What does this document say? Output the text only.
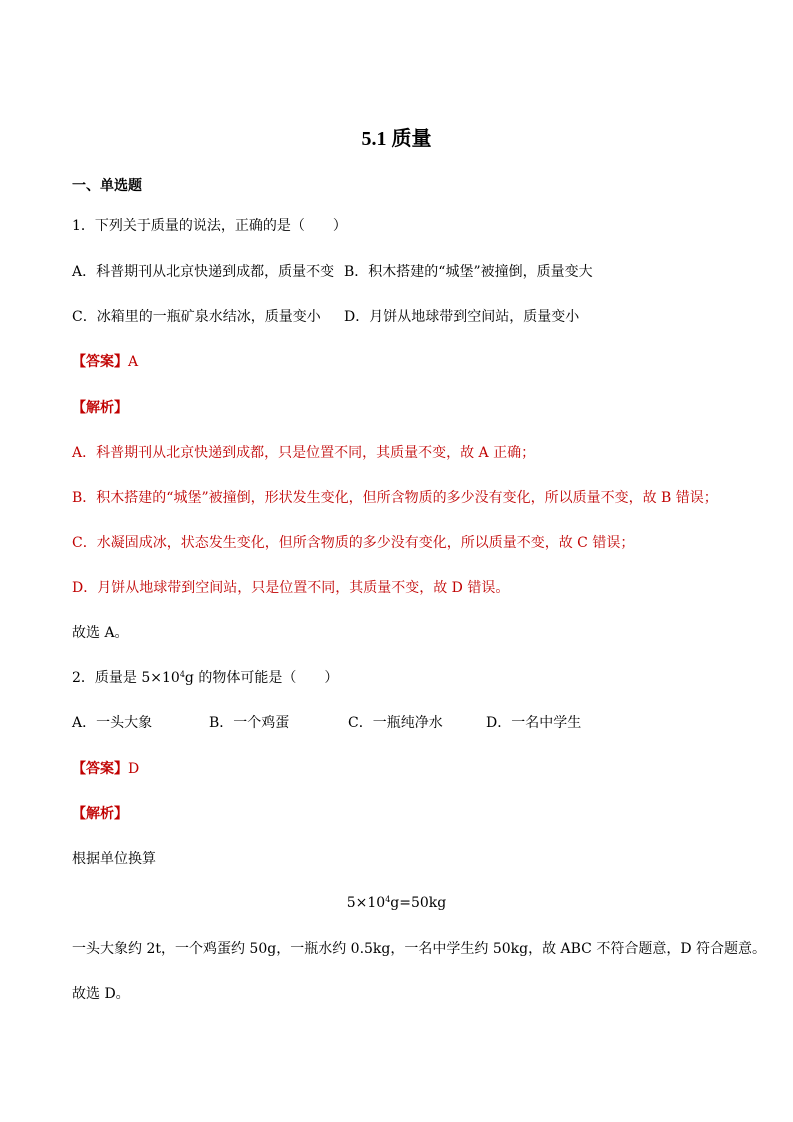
5.1 质量
一、单选题
1．下列关于质量的说法，正确的是（　　）
A．科普期刊从北京快递到成都，质量不变 B．积木搭建的“城堡”被撞倒，质量变大
C．冰箱里的一瓶矿泉水结冰，质量变小 D．月饼从地球带到空间站，质量变小
【答案】A
【解析】
A．科普期刊从北京快递到成都，只是位置不同，其质量不变，故 A 正确；
B．积木搭建的“城堡”被撞倒，形状发生变化，但所含物质的多少没有变化，所以质量不变，故 B 错误；
C．水凝固成冰，状态发生变化，但所含物质的多少没有变化，所以质量不变，故 C 错误；
D．月饼从地球带到空间站，只是位置不同，其质量不变，故 D 错误。
故选 A。
2．质量是 $5\times 10^4g$ 的物体可能是（　　）
A．一头大象	B．一个鸡蛋	C．一瓶纯净水	D．一名中学生
【答案】D
【解析】
根据单位换算
$5\times 10^4g=50kg$
一头大象约 2t，一个鸡蛋约 50g，一瓶水约 0.5kg，一名中学生约 50kg，故 ABC 不符合题意，D 符合题意。
故选 D。
